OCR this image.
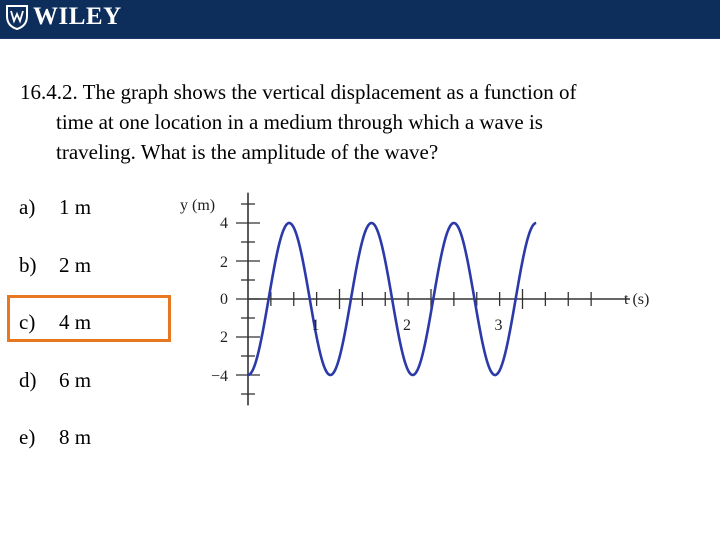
WILEY
16.4.2. The graph shows the vertical displacement as a function of
time at one location in a medium through which a wave is
traveling. What is the amplitude of the wave?
a)	1 m
b)	2 m
c)	4 m
d)	6 m
e)	8 m
y (m)
4
2
0
2
−4
t (s)
1	2	3
